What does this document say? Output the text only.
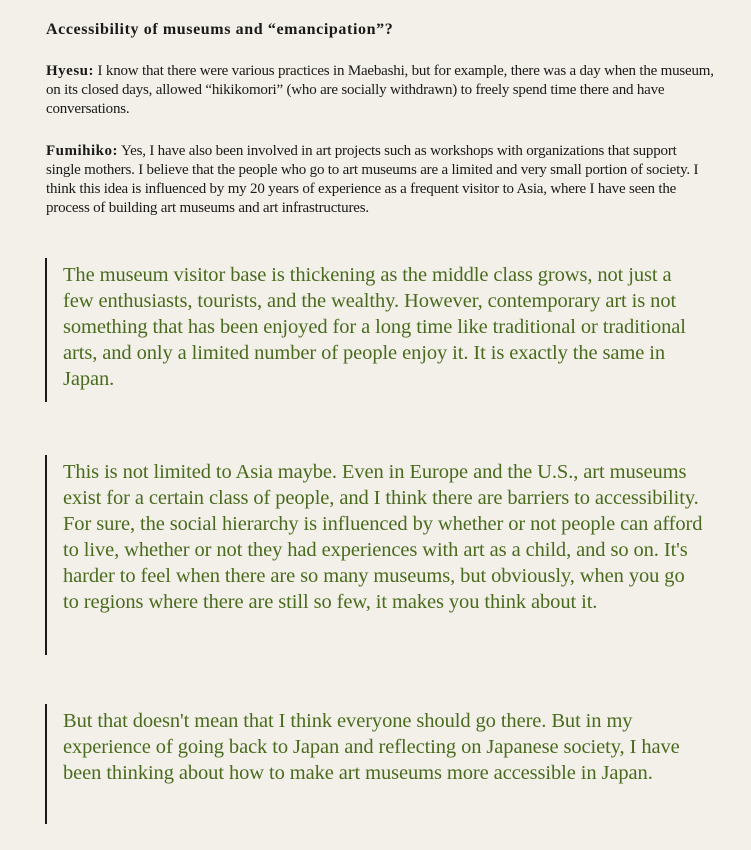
Accessibility of museums and “emancipation”?

Hyesu: I know that there were various practices in Maebashi, but for example, there was a day when the museum, on its closed days, allowed “hikikomori” (who are socially withdrawn) to freely spend time there and have conversations.

Fumihiko: Yes, I have also been involved in art projects such as workshops with organizations that support single mothers. I believe that the people who go to art museums are a limited and very small portion of society. I think this idea is influenced by my 20 years of experience as a frequent visitor to Asia, where I have seen the process of building art museums and art infrastructures.

The museum visitor base is thickening as the middle class grows, not just a few enthusiasts, tourists, and the wealthy. However, contemporary art is not something that has been enjoyed for a long time like traditional or traditional arts, and only a limited number of people enjoy it. It is exactly the same in Japan.
This is not limited to Asia maybe. Even in Europe and the U.S., art museums exist for a certain class of people, and I think there are barriers to accessibility. For sure, the social hierarchy is influenced by whether or not people can afford to live, whether or not they had experiences with art as a child, and so on. It's harder to feel when there are so many museums, but obviously, when you go to regions where there are still so few, it makes you think about it.
But that doesn't mean that I think everyone should go there. But in my experience of going back to Japan and reflecting on Japanese society, I have been thinking about how to make art museums more accessible in Japan.
